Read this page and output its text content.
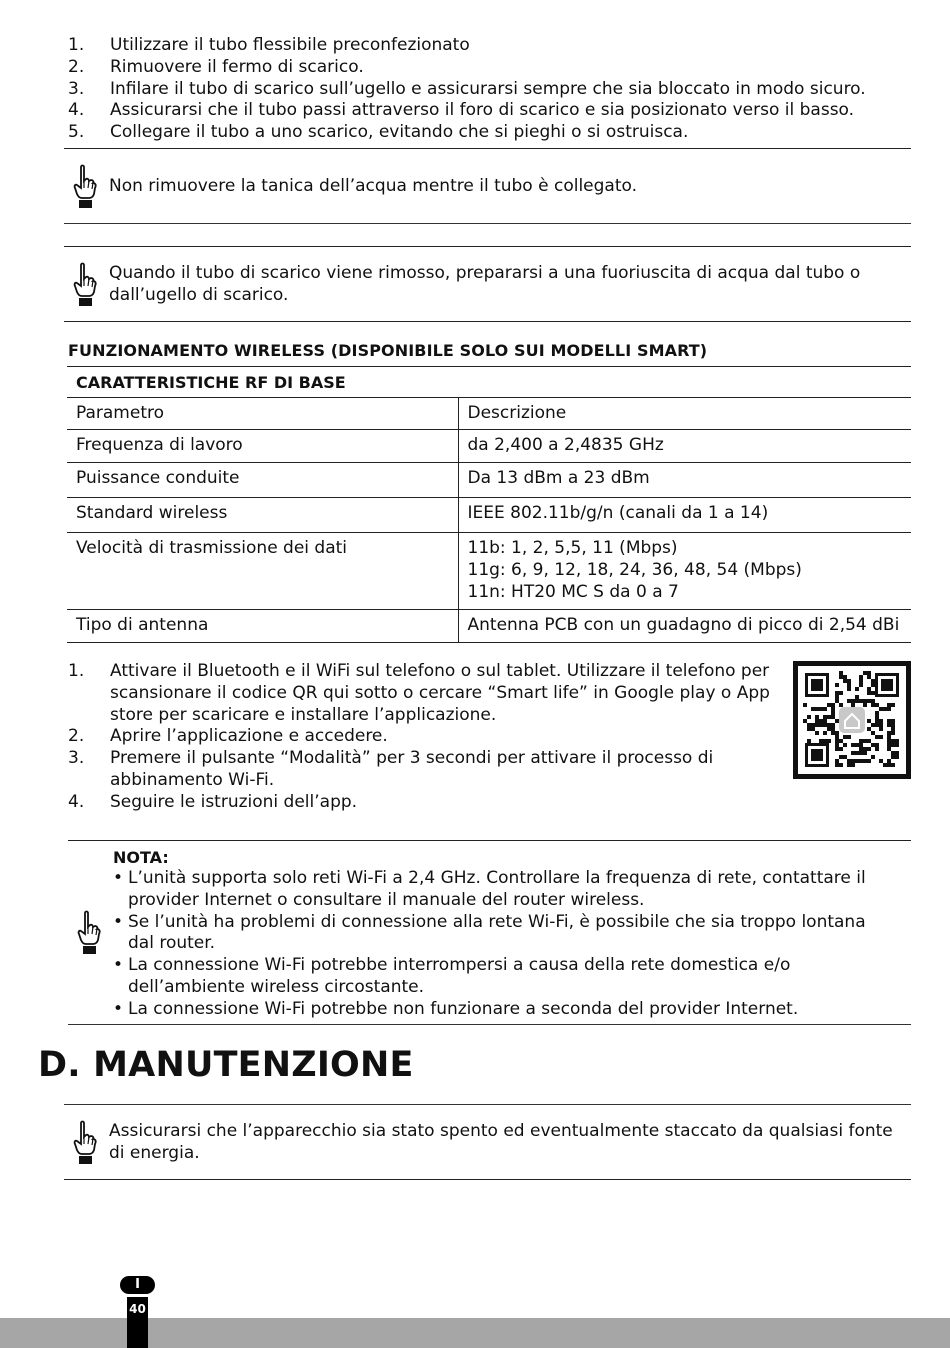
1. Utilizzare il tubo flessibile preconfezionato
2. Rimuovere il fermo di scarico.
3. Infilare il tubo di scarico sull’ugello e assicurarsi sempre che sia bloccato in modo sicuro.
4. Assicurarsi che il tubo passi attraverso il foro di scarico e sia posizionato verso il basso.
5. Collegare il tubo a uno scarico, evitando che si pieghi o si ostruisca.
Non rimuovere la tanica dell’acqua mentre il tubo è collegato.
Quando il tubo di scarico viene rimosso, prepararsi a una fuoriuscita di acqua dal tubo o dall’ugello di scarico.
FUNZIONAMENTO WIRELESS (DISPONIBILE SOLO SUI MODELLI SMART)
CARATTERISTICHE RF DI BASE	
Parametro	Descrizione
Frequenza di lavoro	da 2,400 a 2,4835 GHz
Puissance conduite	Da 13 dBm a 23 dBm
Standard wireless	IEEE 802.11b/g/n (canali da 1 a 14)
Velocità di trasmissione dei dati	11b: 1, 2, 5,5, 11 (Mbps)
11g: 6, 9, 12, 18, 24, 36, 48, 54 (Mbps)
11n: HT20 MC S da 0 a 7

Tipo di antenna	Antenna PCB con un guadagno di picco di 2,54 dBi
1. Attivare il Bluetooth e il WiFi sul telefono o sul tablet. Utilizzare il telefono per scansionare il codice QR qui sotto o cercare “Smart life” in Google play o App store per scaricare e installare l’applicazione.
2. Aprire l’applicazione e accedere.
3. Premere il pulsante “Modalità” per 3 secondi per attivare il processo di abbinamento Wi-Fi.
4. Seguire le istruzioni dell’app.
NOTA:
• L’unità supporta solo reti Wi-Fi a 2,4 GHz. Controllare la frequenza di rete, contattare il provider Internet o consultare il manuale del router wireless.
• Se l’unità ha problemi di connessione alla rete Wi-Fi, è possibile che sia troppo lontana dal router.
• La connessione Wi-Fi potrebbe interrompersi a causa della rete domestica e/o dell’ambiente wireless circostante.
• La connessione Wi-Fi potrebbe non funzionare a seconda del provider Internet.
D. MANUTENZIONE
Assicurarsi che l’apparecchio sia stato spento ed eventualmente staccato da qualsiasi fonte di energia.
I
40
